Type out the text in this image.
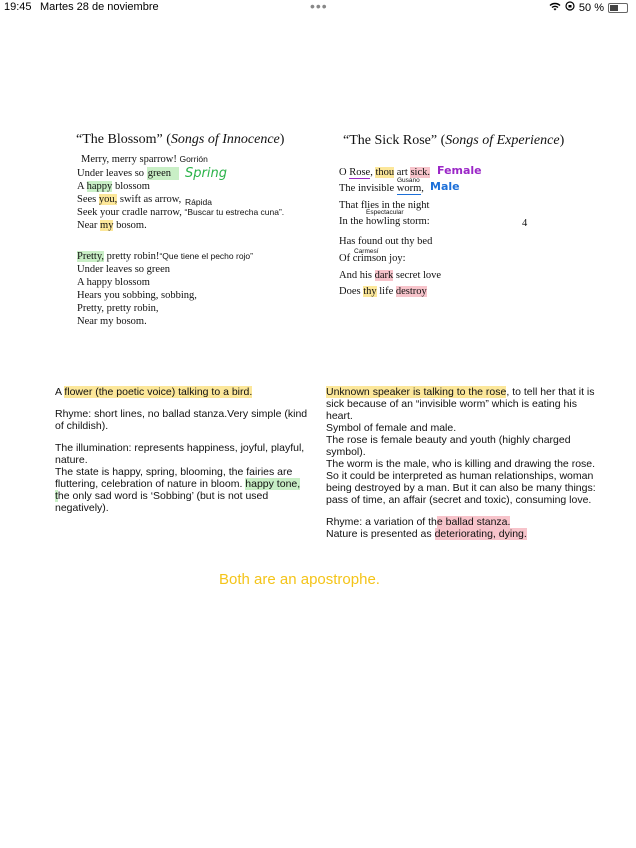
19:45 Martes 28 de noviembre	•••	50 %
“The Blossom” (Songs of Innocence)
Merry, merry sparrow! Gorrión
Under leaves so green	Spring
A happy blossom
Sees you, swift as arrow, Rápida
Seek your cradle narrow, “Buscar tu estrecha cuna”.
Near my bosom.
Pretty, pretty robin!“Que tiene el pecho rojo”
Under leaves so green
A happy blossom
Hears you sobbing, sobbing,
Pretty, pretty robin,
Near my bosom.
“The Sick Rose” (Songs of Experience)
O Rose, thou art sick. Female
Gusano
The invisible worm, Male
That flies in the night
Espectacular
In the howling storm:	4
Has found out thy bed
Carmesí
Of crimson joy:
And his dark secret love
Does thy life destroy

A flower (the poetic voice) talking to a bird.

Rhyme: short lines, no ballad stanza.Very simple (kind of childish).

The illumination: represents happiness, joyful, playful, nature.

The state is happy, spring, blooming, the fairies are fluttering, celebration of nature in bloom. happy tone, the only sad word is ‘Sobbing’ (but is not used negatively).

Unknown speaker is talking to the rose, to tell her that it is sick because of an “invisible worm” which is eating his heart.

Symbol of female and male.

The rose is female beauty and youth (highly charged symbol).

The worm is the male, who is killing and drawing the rose. So it could be interpreted as human relationships, woman being destroyed by a man. But it can also be many things: pass of time, an affair (secret and toxic), consuming love.

Rhyme: a variation of the ballad stanza.

Nature is presented as deteriorating, dying.

Both are an apostrophe.
